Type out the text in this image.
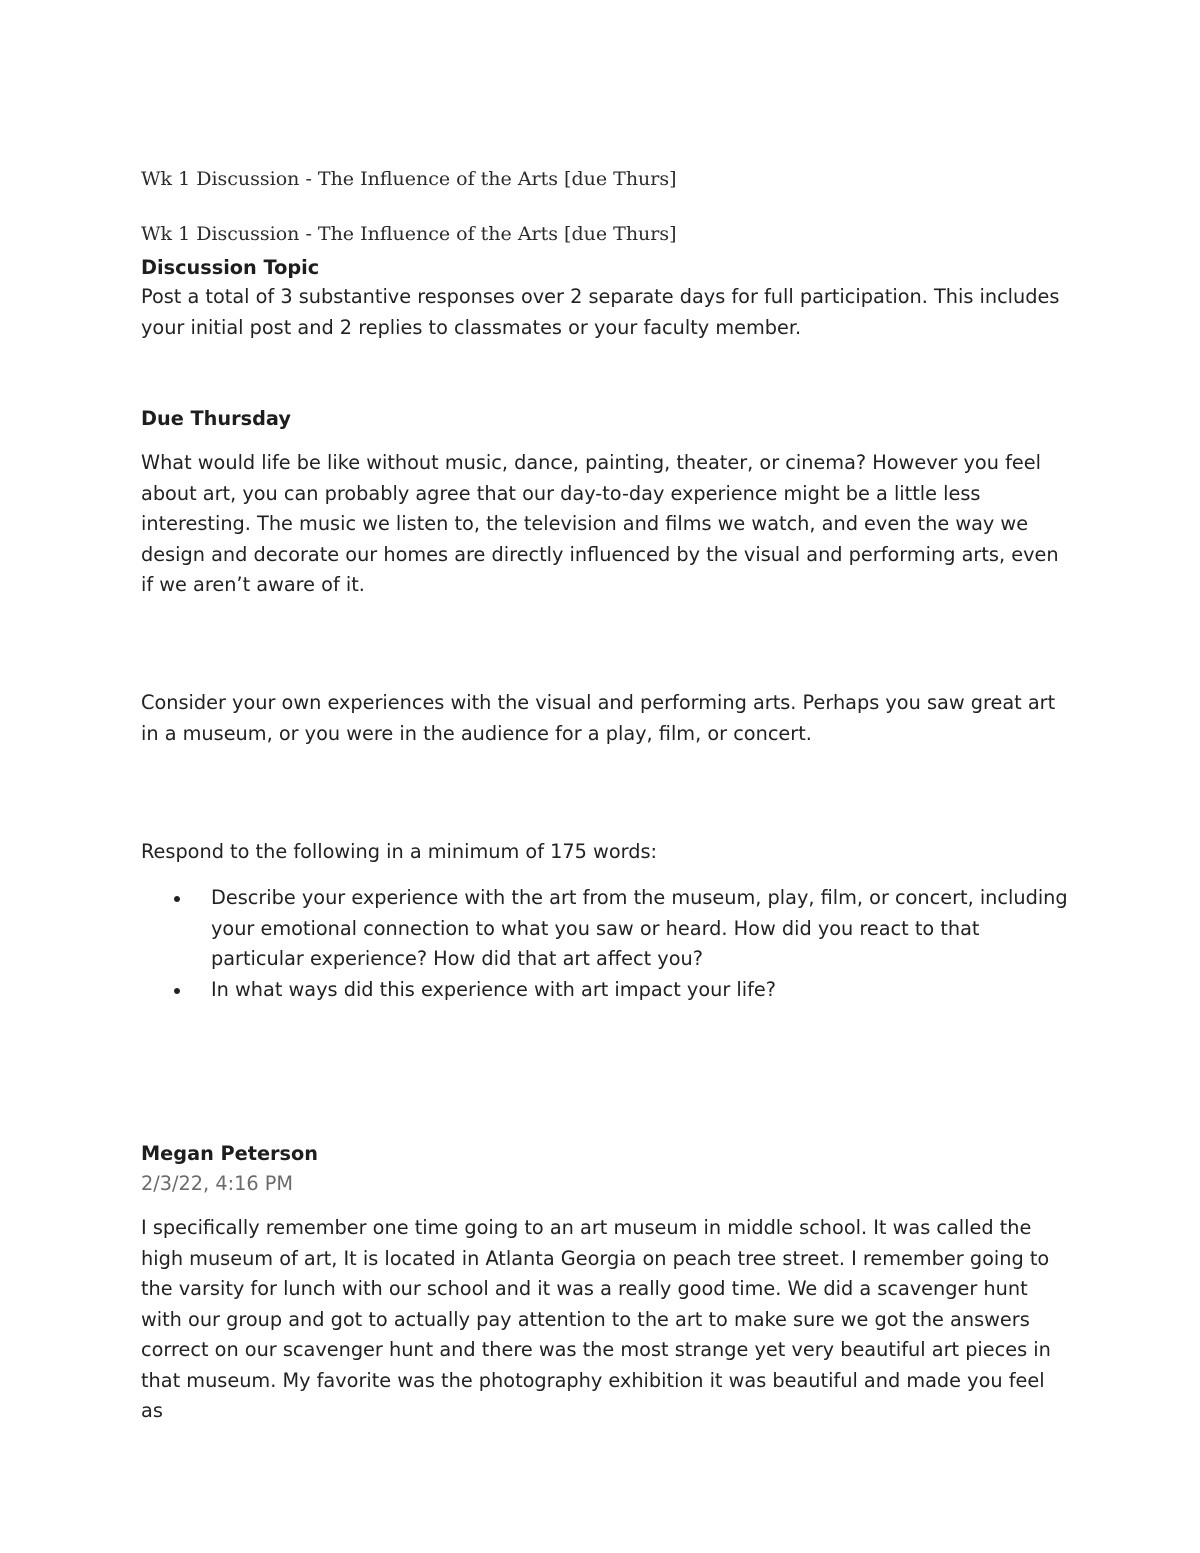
Wk 1 Discussion - The Influence of the Arts [due Thurs]

Wk 1 Discussion - The Influence of the Arts [due Thurs]

Discussion Topic

Post a total of 3 substantive responses over 2 separate days for full participation. This includes your initial post and 2 replies to classmates or your faculty member.

Due Thursday

What would life be like without music, dance, painting, theater, or cinema? However you feel about art, you can probably agree that our day-to-day experience might be a little less interesting. The music we listen to, the television and films we watch, and even the way we design and decorate our homes are directly influenced by the visual and performing arts, even if we aren’t aware of it.

Consider your own experiences with the visual and performing arts. Perhaps you saw great art in a museum, or you were in the audience for a play, film, or concert.

Respond to the following in a minimum of 175 words:

Describe your experience with the art from the museum, play, film, or concert, including your emotional connection to what you saw or heard. How did you react to that particular experience? How did that art affect you?
In what ways did this experience with art impact your life?

Megan Peterson

2/3/22, 4:16 PM

I specifically remember one time going to an art museum in middle school. It was called the high museum of art, It is located in Atlanta Georgia on peach tree street. I remember going to the varsity for lunch with our school and it was a really good time. We did a scavenger hunt with our group and got to actually pay attention to the art to make sure we got the answers correct on our scavenger hunt and there was the most strange yet very beautiful art pieces in that museum. My favorite was the photography exhibition it was beautiful and made you feel as
